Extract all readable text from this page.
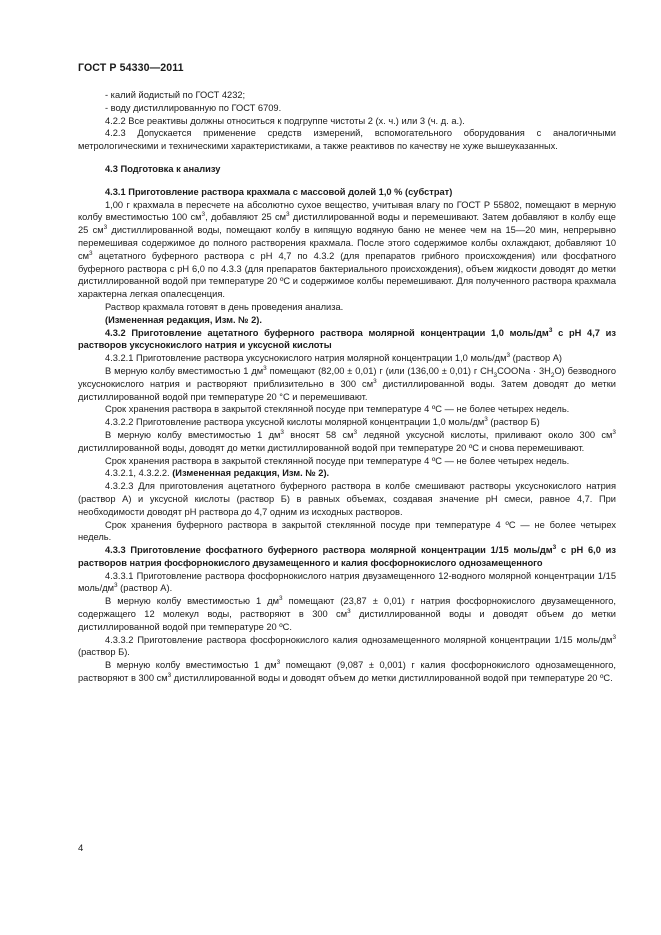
ГОСТ Р 54330—2011

- калий йодистый по ГОСТ 4232;

- воду дистиллированную по ГОСТ 6709.

4.2.2 Все реактивы должны относиться к подгруппе чистоты 2 (х. ч.) или 3 (ч. д. а.).

4.2.3 Допускается применение средств измерений, вспомогательного оборудования с аналогичными метрологическими и техническими характеристиками, а также реактивов по качеству не хуже вышеуказанных.

4.3 Подготовка к анализу

4.3.1 Приготовление раствора крахмала с массовой долей 1,0 % (субстрат)

1,00 г крахмала в пересчете на абсолютно сухое вещество, учитывая влагу по ГОСТ Р 55802, помещают в мерную колбу вместимостью 100 $см^3$, добавляют 25 $см^3$ дистиллированной воды и перемешивают. Затем добавляют в колбу еще 25 $см^3$ дистиллированной воды, помещают колбу в кипящую водяную баню не менее чем на 15—20 мин, непрерывно перемешивая содержимое до полного растворения крахмала. После этого содержимое колбы охлаждают, добавляют 10 $см^3$ ацетатного буферного раствора с pH 4,7 по 4.3.2 (для препаратов грибного происхождения) или фосфатного буферного раствора с pH 6,0 по 4.3.3 (для препаратов бактериального происхождения), объем жидкости доводят до метки дистиллированной водой при температуре 20 ºС и содержимое колбы перемешивают. Для полученного раствора крахмала характерна легкая опалесценция.

Раствор крахмала готовят в день проведения анализа.

(Измененная редакция, Изм. № 2).

4.3.2 Приготовление ацетатного буферного раствора молярной концентрации 1,0 моль/$дм^3$ с pH 4,7 из растворов уксуснокислого натрия и уксусной кислоты

4.3.2.1 Приготовление раствора уксуснокислого натрия молярной концентрации 1,0 моль/$дм^3$ (раствор А)

В мерную колбу вместимостью 1 $дм^3$ помещают (82,00 ± 0,01) г (или (136,00 ± 0,01) г $CH_3COONa \cdot 3H_2O$) безводного уксуснокислого натрия и растворяют приблизительно в 300 $см^3$ дистиллированной воды. Затем доводят до метки дистиллированной водой при температуре 20 °С и перемешивают.

Срок хранения раствора в закрытой стеклянной посуде при температуре 4 ºС — не более четырех недель.

4.3.2.2 Приготовление раствора уксусной кислоты молярной концентрации 1,0 моль/$дм^3$ (раствор Б)

В мерную колбу вместимостью 1 $дм^3$ вносят 58 $см^3$ ледяной уксусной кислоты, приливают около 300 $см^3$ дистиллированной воды, доводят до метки дистиллированной водой при температуре 20 ºС и снова перемешивают.

Срок хранения раствора в закрытой стеклянной посуде при температуре 4 ºС — не более четырех недель.

4.3.2.1, 4.3.2.2. (Измененная редакция, Изм. № 2).

4.3.2.3 Для приготовления ацетатного буферного раствора в колбе смешивают растворы уксуснокислого натрия (раствор А) и уксусной кислоты (раствор Б) в равных объемах, создавая значение pH смеси, равное 4,7. При необходимости доводят pH раствора до 4,7 одним из исходных растворов.

Срок хранения буферного раствора в закрытой стеклянной посуде при температуре 4 ºС — не более четырех недель.

4.3.3 Приготовление фосфатного буферного раствора молярной концентрации 1/15 моль/$дм^3$ с pH 6,0 из растворов натрия фосфорнокислого двузамещенного и калия фосфорнокислого однозамещенного

4.3.3.1 Приготовление раствора фосфорнокислого натрия двузамещенного 12-водного молярной концентрации 1/15 моль/$дм^3$ (раствор А).

В мерную колбу вместимостью 1 $дм^3$ помещают (23,87 ± 0,01) г натрия фосфорнокислого двузамещенного, содержащего 12 молекул воды, растворяют в 300 $см^3$ дистиллированной воды и доводят объем до метки дистиллированной водой при температуре 20 ºС.

4.3.3.2 Приготовление раствора фосфорнокислого калия однозамещенного молярной концентрации 1/15 моль/$дм^3$ (раствор Б).

В мерную колбу вместимостью 1 $дм^3$ помещают (9,087 ± 0,001) г калия фосфорнокислого однозамещенного, растворяют в 300 $см^3$ дистиллированной воды и доводят объем до метки дистиллированной водой при температуре 20 ºС.

4
